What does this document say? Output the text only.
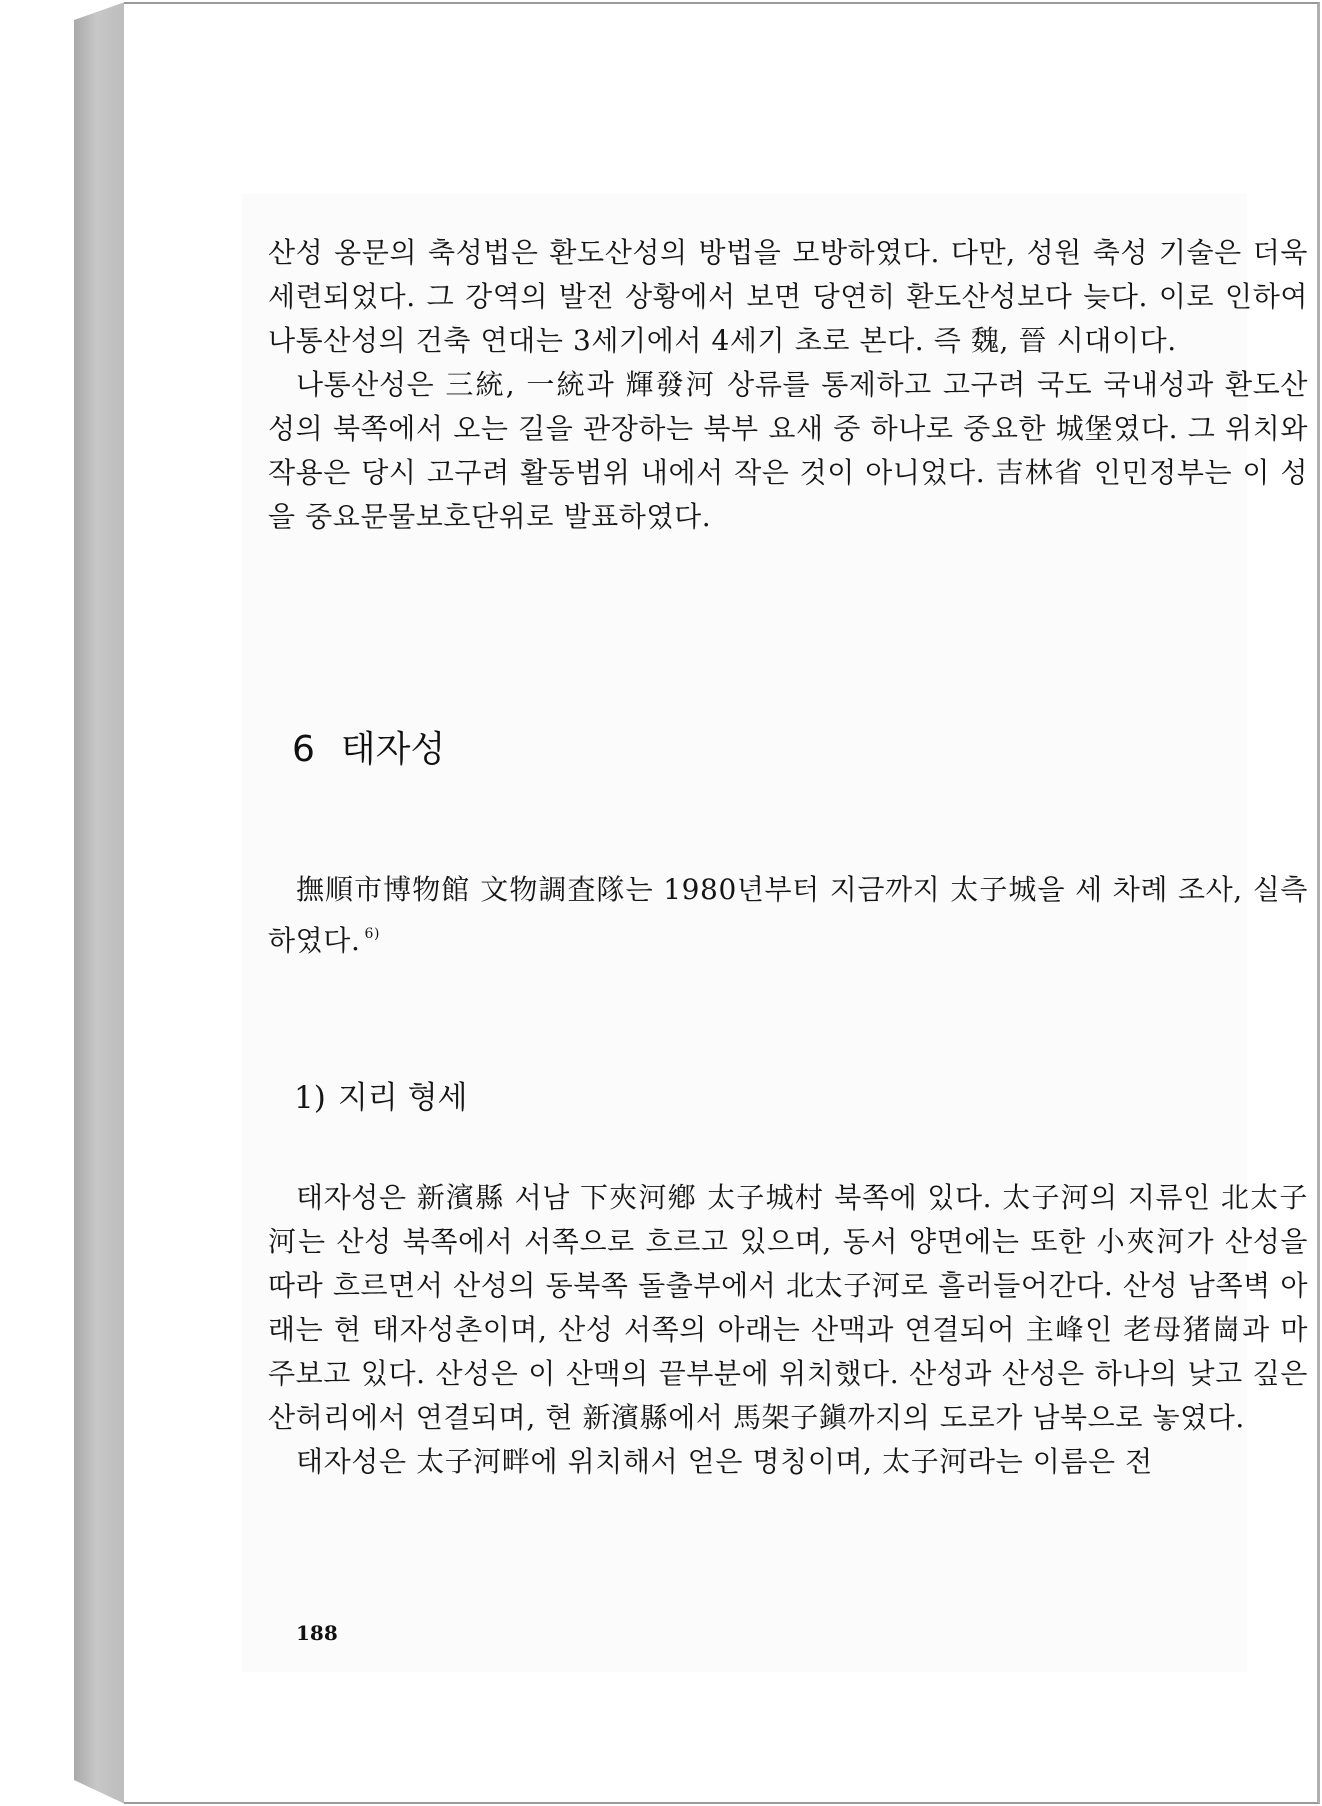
산성 옹문의 축성법은 환도산성의 방법을 모방하였다. 다만, 성원 축성 기술은 더욱 세련되었다. 그 강역의 발전 상황에서 보면 당연히 환도산성보다 늦다. 이로 인하여 나통산성의 건축 연대는 3세기에서 4세기 초로 본다. 즉 魏, 晉 시대이다.

나통산성은 三統, 一統과 輝發河 상류를 통제하고 고구려 국도 국내성과 환도산성의 북쪽에서 오는 길을 관장하는 북부 요새 중 하나로 중요한 城堡였다. 그 위치와 작용은 당시 고구려 활동범위 내에서 작은 것이 아니었다. 吉林省 인민정부는 이 성을 중요문물보호단위로 발표하였다.

6 태자성

撫順市博物館 文物調査隊는 1980년부터 지금까지 太子城을 세 차례 조사, 실측하였다. $^{6)}$

1) 지리 형세

태자성은 新濱縣 서남 下夾河鄕 太子城村 북쪽에 있다. 太子河의 지류인 北太子河는 산성 북쪽에서 서쪽으로 흐르고 있으며, 동서 양면에는 또한 小夾河가 산성을 따라 흐르면서 산성의 동북쪽 돌출부에서 北太子河로 흘러들어간다. 산성 남쪽벽 아래는 현 태자성촌이며, 산성 서쪽의 아래는 산맥과 연결되어 主峰인 老母猪崗과 마주보고 있다. 산성은 이 산맥의 끝부분에 위치했다. 산성과 산성은 하나의 낮고 깊은 산허리에서 연결되며, 현 新濱縣에서 馬架子鎭까지의 도로가 남북으로 놓였다.

태자성은 太子河畔에 위치해서 얻은 명칭이며, 太子河라는 이름은 전

188
